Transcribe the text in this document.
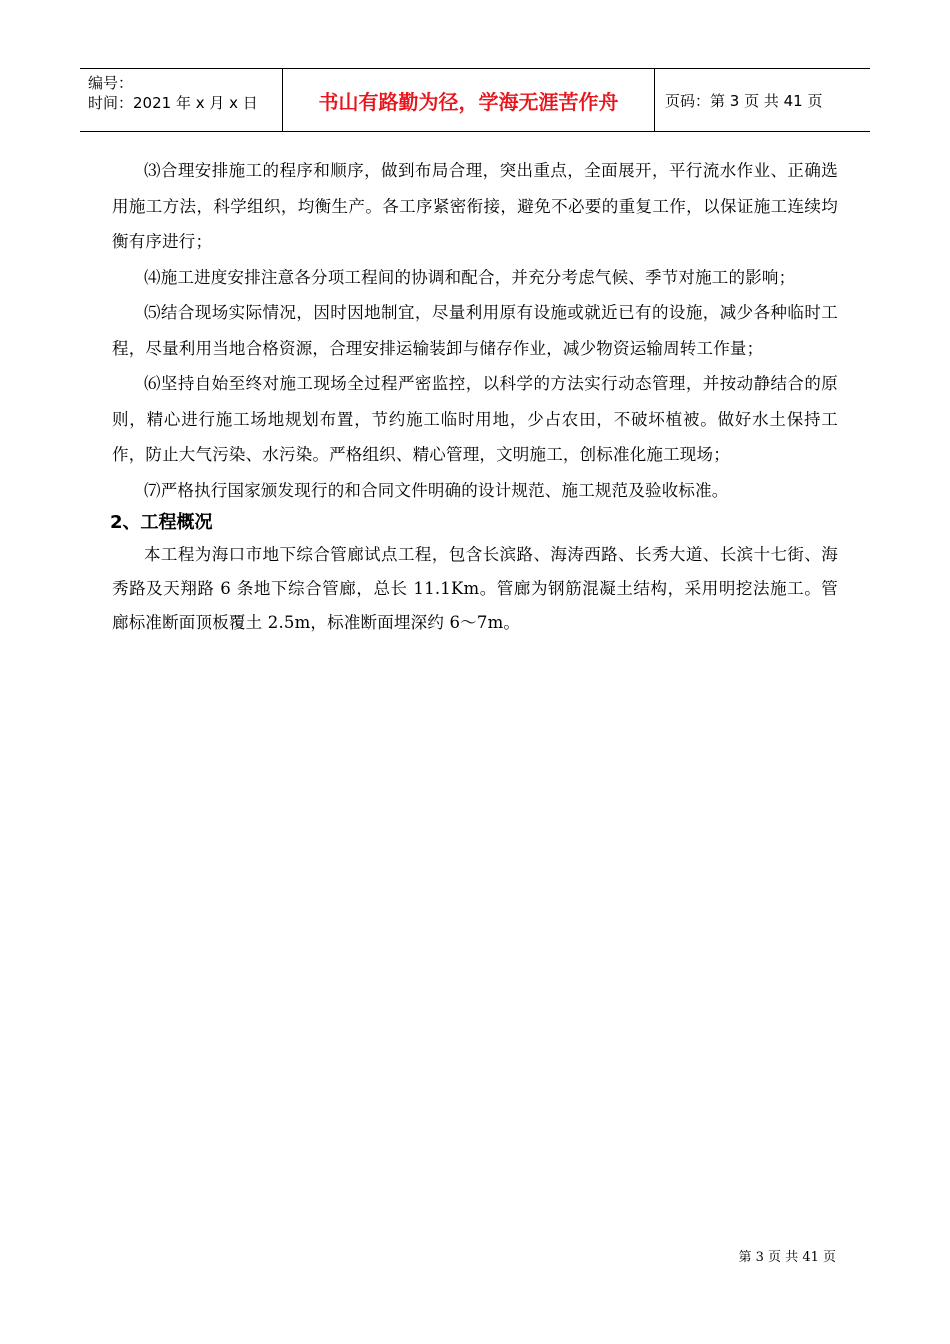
编号：
时间：2021 年 x 月 x 日	书山有路勤为径，学海无涯苦作舟	页码：第 3 页 共 41 页

⑶合理安排施工的程序和顺序，做到布局合理，突出重点，全面展开，平行流水作业、正确选用施工方法，科学组织，均衡生产。各工序紧密衔接，避免不必要的重复工作，以保证施工连续均衡有序进行；

⑷施工进度安排注意各分项工程间的协调和配合，并充分考虑气候、季节对施工的影响；

⑸结合现场实际情况，因时因地制宜，尽量利用原有设施或就近已有的设施，减少各种临时工程，尽量利用当地合格资源，合理安排运输装卸与储存作业，减少物资运输周转工作量；

⑹坚持自始至终对施工现场全过程严密监控，以科学的方法实行动态管理，并按动静结合的原则，精心进行施工场地规划布置，节约施工临时用地，少占农田，不破坏植被。做好水土保持工作，防止大气污染、水污染。严格组织、精心管理，文明施工，创标准化施工现场；

⑺严格执行国家颁发现行的和合同文件明确的设计规范、施工规范及验收标准。

2、工程概况

本工程为海口市地下综合管廊试点工程，包含长滨路、海涛西路、长秀大道、长滨十七街、海秀路及天翔路 6 条地下综合管廊，总长 11.1Km。管廊为钢筋混凝土结构，采用明挖法施工。管廊标准断面顶板覆土 2.5m，标准断面埋深约 6～7m。

第 3 页 共 41 页
